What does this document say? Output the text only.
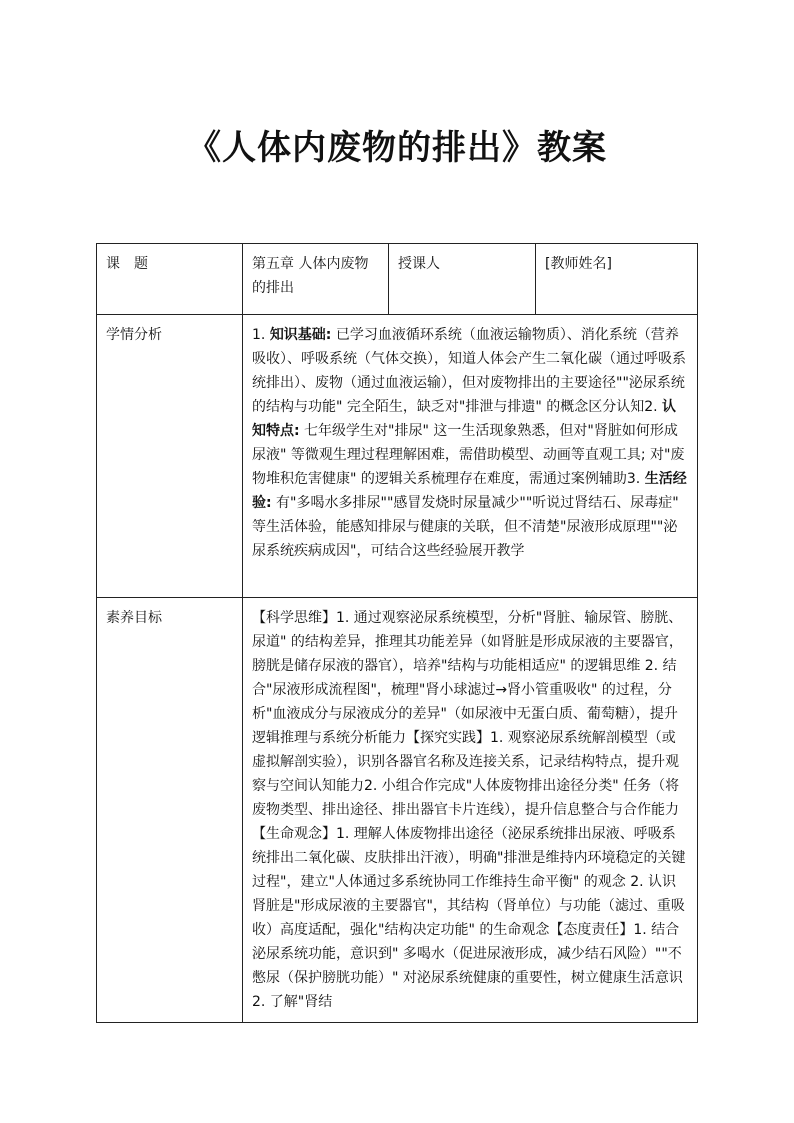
《人体内废物的排出》教案
课　题	第五章 人体内废物的排出	授课人	[教师姓名]
学情分析	1. 知识基础: 已学习血液循环系统（血液运输物质）、消化系统（营养吸收）、呼吸系统（气体交换），知道人体会产生二氧化碳（通过呼吸系统排出）、废物（通过血液运输），但对废物排出的主要途径""泌尿系统的结构与功能" 完全陌生，缺乏对"排泄与排遗" 的概念区分认知2. 认知特点: 七年级学生对"排尿" 这一生活现象熟悉，但对"肾脏如何形成尿液" 等微观生理过程理解困难，需借助模型、动画等直观工具; 对"废物堆积危害健康" 的逻辑关系梳理存在难度，需通过案例辅助3. 生活经验: 有"多喝水多排尿""感冒发烧时尿量减少""听说过肾结石、尿毒症" 等生活体验，能感知排尿与健康的关联，但不清楚"尿液形成原理""泌尿系统疾病成因"，可结合这些经验展开教学		
素养目标	【科学思维】1. 通过观察泌尿系统模型，分析"肾脏、输尿管、膀胱、尿道" 的结构差异，推理其功能差异（如肾脏是形成尿液的主要器官，膀胱是储存尿液的器官），培养"结构与功能相适应" 的逻辑思维 2. 结合"尿液形成流程图"，梳理"肾小球滤过→肾小管重吸收" 的过程，分析"血液成分与尿液成分的差异"（如尿液中无蛋白质、葡萄糖），提升逻辑推理与系统分析能力【探究实践】1. 观察泌尿系统解剖模型（或虚拟解剖实验），识别各器官名称及连接关系，记录结构特点，提升观察与空间认知能力2. 小组合作完成"人体废物排出途径分类" 任务（将废物类型、排出途径、排出器官卡片连线），提升信息整合与合作能力【生命观念】1. 理解人体废物排出途径（泌尿系统排出尿液、呼吸系统排出二氧化碳、皮肤排出汗液），明确"排泄是维持内环境稳定的关键过程"，建立"人体通过多系统协同工作维持生命平衡" 的观念 2. 认识肾脏是"形成尿液的主要器官"，其结构（肾单位）与功能（滤过、重吸收）高度适配，强化"结构决定功能" 的生命观念【态度责任】1. 结合泌尿系统功能，意识到" 多喝水（促进尿液形成，减少结石风险）""不憋尿（保护膀胱功能）" 对泌尿系统健康的重要性，树立健康生活意识 2. 了解"肾结		
